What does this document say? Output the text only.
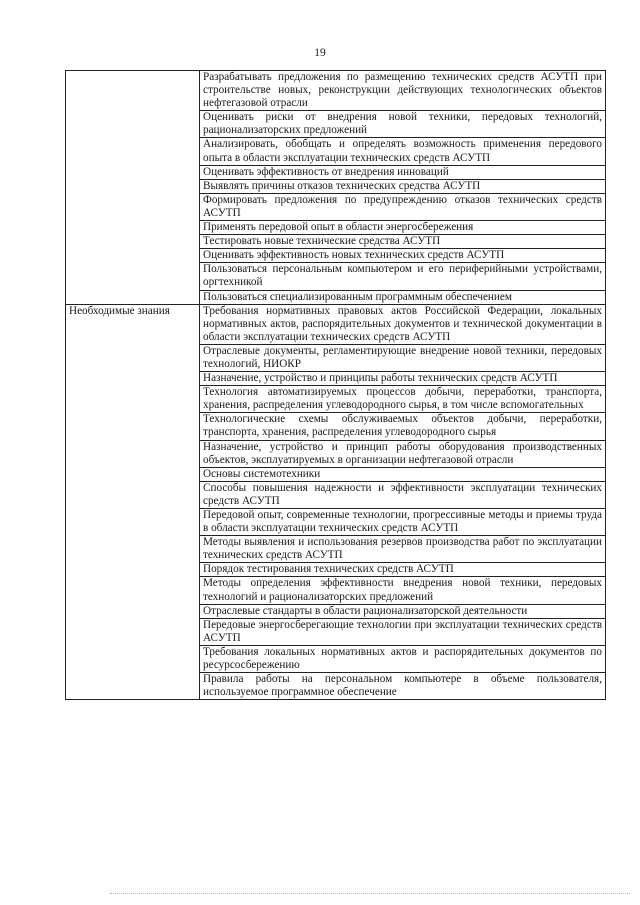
19
	Разрабатывать предложения по размещению технических средств АСУТП при строительстве новых, реконструкции действующих технологических объектов нефтегазовой отрасли
	Оценивать риски от внедрения новой техники, передовых технологий, рационализаторских предложений
	Анализировать, обобщать и определять возможность применения передового опыта в области эксплуатации технических средств АСУТП
	Оценивать эффективность от внедрения инноваций
	Выявлять причины отказов технических средства АСУТП
	Формировать предложения по предупреждению отказов технических средств АСУТП
	Применять передовой опыт в области энергосбережения
	Тестировать новые технические средства АСУТП
	Оценивать эффективность новых технических средств АСУТП
	Пользоваться персональным компьютером и его периферийными устройствами, оргтехникой
	Пользоваться специализированным программным обеспечением
Необходимые знания	Требования нормативных правовых актов Российской Федерации, локальных нормативных актов, распорядительных документов и технической документации в области эксплуатации технических средств АСУТП
	Отраслевые документы, регламентирующие внедрение новой техники, передовых технологий, НИОКР
	Назначение, устройство и принципы работы технических средств АСУТП
	Технология автоматизируемых процессов добычи, переработки, транспорта, хранения, распределения углеводородного сырья, в том числе вспомогательных
	Технологические схемы обслуживаемых объектов добычи, переработки, транспорта, хранения, распределения углеводородного сырья
	Назначение, устройство и принцип работы оборудования производственных объектов, эксплуатируемых в организации нефтегазовой отрасли
	Основы системотехники
	Способы повышения надежности и эффективности эксплуатации технических средств АСУТП
	Передовой опыт, современные технологии, прогрессивные методы и приемы труда в области эксплуатации технических средств АСУТП
	Методы выявления и использования резервов производства работ по эксплуатации технических средств АСУТП
	Порядок тестирования технических средств АСУТП
	Методы определения эффективности внедрения новой техники, передовых технологий и рационализаторских предложений
	Отраслевые стандарты в области рационализаторской деятельности
	Передовые энергосберегающие технологии при эксплуатации технических средств АСУТП
	Требования локальных нормативных актов и распорядительных документов по ресурсосбережению
	Правила работы на персональном компьютере в объеме пользователя, используемое программное обеспечение
